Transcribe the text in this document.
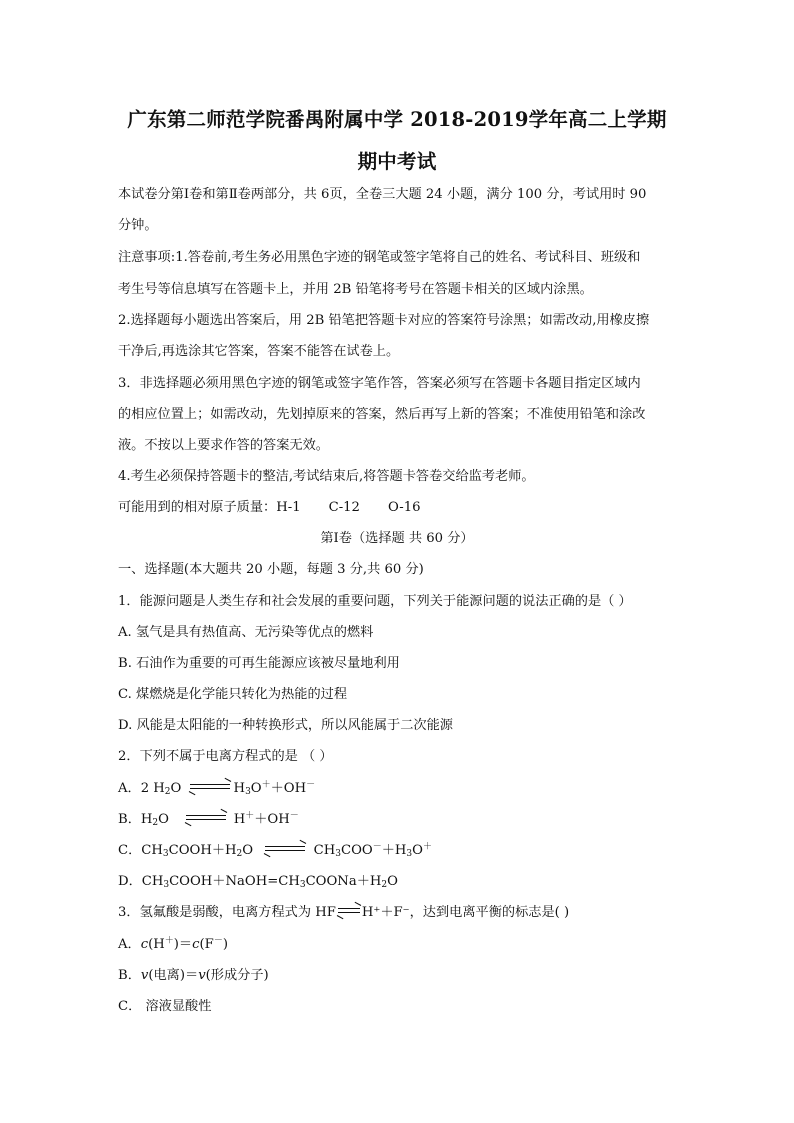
广东第二师范学院番禺附属中学 2018-2019学年高二上学期
期中考试
本试卷分第Ⅰ卷和第Ⅱ卷两部分，共 6页，全卷三大题 24 小题，满分 100 分，考试用时 90
分钟。
注意事项:1.答卷前,考生务必用黑色字迹的钢笔或签字笔将自己的姓名、考试科目、班级和
考生号等信息填写在答题卡上，并用 2B 铅笔将考号在答题卡相关的区域内涂黑。
2.选择题每小题选出答案后，用 2B 铅笔把答题卡对应的答案符号涂黑；如需改动,用橡皮擦
干净后,再选涂其它答案，答案不能答在试卷上。
3．非选择题必须用黑色字迹的钢笔或签字笔作答，答案必须写在答题卡各题目指定区域内
的相应位置上；如需改动，先划掉原来的答案，然后再写上新的答案；不准使用铅笔和涂改
液。不按以上要求作答的答案无效。
4.考生必须保持答题卡的整洁,考试结束后,将答题卡答卷交给监考老师。
可能用到的相对原子质量：H-1 C-12 O-16
第Ⅰ卷（选择题 共 60 分）
一、选择题(本大题共 20 小题，每题 3 分,共 60 分)
1．能源问题是人类生存和社会发展的重要问题，下列关于能源问题的说法正确的是（ ）
A. 氢气是具有热值高、无污染等优点的燃料
B. 石油作为重要的可再生能源应该被尽量地利用
C. 煤燃烧是化学能只转化为热能的过程
D. 风能是太阳能的一种转换形式，所以风能属于二次能源
2．下列不属于电离方程式的是 （ ）
A．2 $H_2O$	$H_3O^++OH^-$
B．$H_2O$	H＋＋OH－
C．$CH_3COOH+H_2O$	$CH_3COO^-+H_3O^+$
D．$CH_3COOH+NaOH=CH_3COONa+H_2O$
3．氢氟酸是弱酸，电离方程式为 HF H⁺＋F⁻，达到电离平衡的标志是( )
A．c(H＋)＝c(F－)
B．v(电离)＝v(形成分子)
C． 溶液显酸性
